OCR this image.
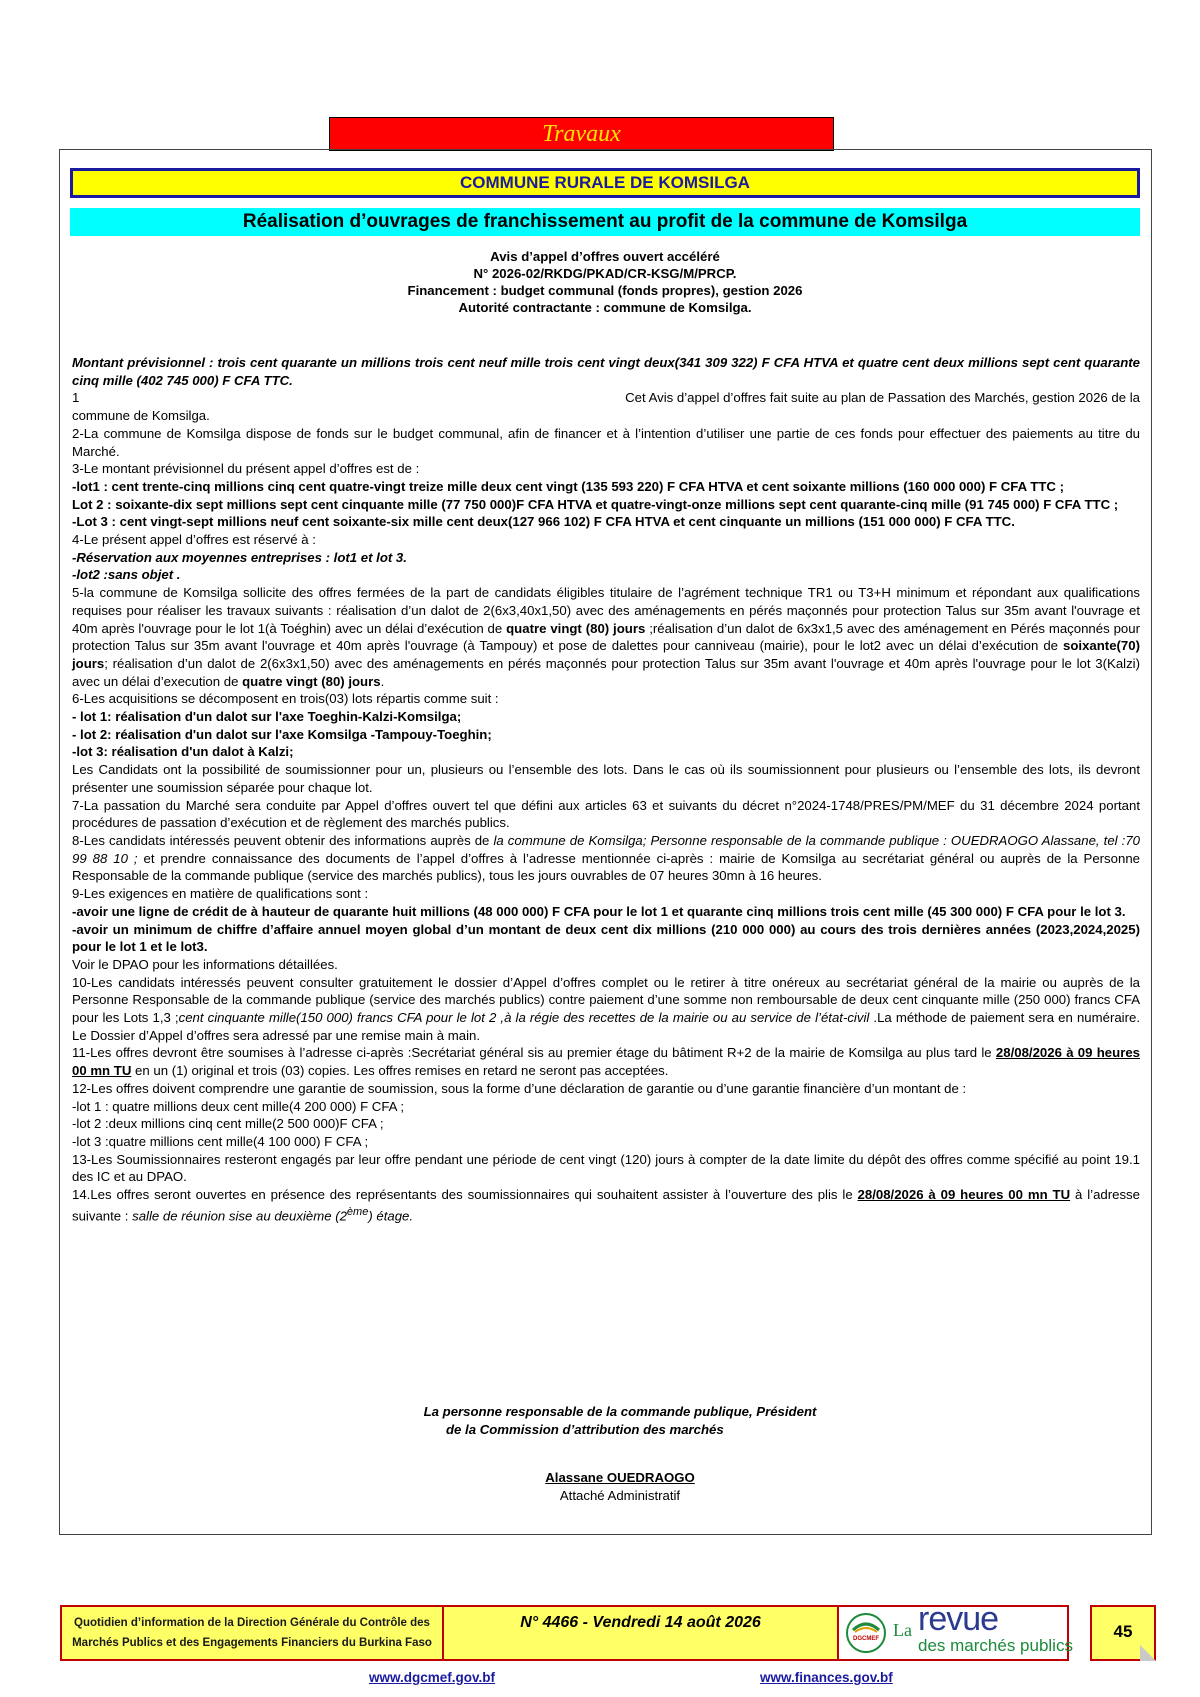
Travaux
COMMUNE RURALE DE KOMSILGA
Réalisation d’ouvrages de franchissement au profit de la commune de Komsilga
Avis d’appel d’offres ouvert accéléré
N° 2026-02/RKDG/PKAD/CR-KSG/M/PRCP.
Financement : budget communal (fonds propres), gestion 2026
Autorité contractante : commune de Komsilga.

Montant prévisionnel : trois cent quarante un millions trois cent neuf mille trois cent vingt deux(341 309 322) F CFA HTVA et quatre cent deux millions sept cent quarante cinq mille (402 745 000) F CFA TTC.

1	Cet Avis d’appel d’offres fait suite au plan de Passation des Marchés, gestion 2026 de la

commune de Komsilga.

2-La commune de Komsilga dispose de fonds sur le budget communal, afin de financer et à l’intention d’utiliser une partie de ces fonds pour effectuer des paiements au titre du Marché.

3-Le montant prévisionnel du présent appel d’offres est de :

-lot1 : cent trente-cinq millions cinq cent quatre-vingt treize mille deux cent vingt (135 593 220) F CFA HTVA et cent soixante millions (160 000 000) F CFA TTC ;

Lot 2 : soixante-dix sept millions sept cent cinquante mille (77 750 000)F CFA HTVA et quatre-vingt-onze millions sept cent quarante-cinq mille (91 745 000) F CFA TTC ;

-Lot 3 : cent vingt-sept millions neuf cent soixante-six mille cent deux(127 966 102) F CFA HTVA et cent cinquante un millions (151 000 000) F CFA TTC.

4-Le présent appel d’offres est réservé à :

-Réservation aux moyennes entreprises : lot1 et lot 3.

-lot2 :sans objet .

5-la commune de Komsilga sollicite des offres fermées de la part de candidats éligibles titulaire de l’agrément technique TR1 ou T3+H minimum et répondant aux qualifications requises pour réaliser les travaux suivants : réalisation d’un dalot de 2(6x3,40x1,50) avec des aménagements en pérés maçonnés pour protection Talus sur 35m avant l'ouvrage et 40m après l'ouvrage pour le lot 1(à Toéghin) avec un délai d’exécution de quatre vingt (80) jours ;réalisation d’un dalot de 6x3x1,5 avec des aménagement en Pérés maçonnés pour protection Talus sur 35m avant l'ouvrage et 40m après l'ouvrage (à Tampouy) et pose de dalettes pour canniveau (mairie), pour le lot2 avec un délai d’exécution de soixante(70) jours; réalisation d’un dalot de 2(6x3x1,50) avec des aménagements en pérés maçonnés pour protection Talus sur 35m avant l'ouvrage et 40m après l'ouvrage pour le lot 3(Kalzi) avec un délai d’execution de quatre vingt (80) jours.

6-Les acquisitions se décomposent en trois(03) lots répartis comme suit :

- lot 1: réalisation d'un dalot sur l'axe Toeghin-Kalzi-Komsilga;

- lot 2: réalisation d'un dalot sur l'axe Komsilga -Tampouy-Toeghin;

-lot 3: réalisation d'un dalot à Kalzi;

Les Candidats ont la possibilité de soumissionner pour un, plusieurs ou l’ensemble des lots. Dans le cas où ils soumissionnent pour plusieurs ou l’ensemble des lots, ils devront présenter une soumission séparée pour chaque lot.

7-La passation du Marché sera conduite par Appel d’offres ouvert tel que défini aux articles 63 et suivants du décret n°2024-1748/PRES/PM/MEF du 31 décembre 2024 portant procédures de passation d’exécution et de règlement des marchés publics.

8-Les candidats intéressés peuvent obtenir des informations auprès de la commune de Komsilga; Personne responsable de la commande publique : OUEDRAOGO Alassane, tel :70 99 88 10 ; et prendre connaissance des documents de l’appel d’offres à l’adresse mentionnée ci-après : mairie de Komsilga au secrétariat général ou auprès de la Personne Responsable de la commande publique (service des marchés publics), tous les jours ouvrables de 07 heures 30mn à 16 heures.

9-Les exigences en matière de qualifications sont :

-avoir une ligne de crédit de à hauteur de quarante huit millions (48 000 000) F CFA pour le lot 1 et quarante cinq millions trois cent mille (45 300 000) F CFA pour le lot 3.

-avoir un minimum de chiffre d’affaire annuel moyen global d’un montant de deux cent dix millions (210 000 000) au cours des trois dernières années (2023,2024,2025) pour le lot 1 et le lot3.

Voir le DPAO pour les informations détaillées.

10-Les candidats intéressés peuvent consulter gratuitement le dossier d’Appel d’offres complet ou le retirer à titre onéreux au secrétariat général de la mairie ou auprès de la Personne Responsable de la commande publique (service des marchés publics) contre paiement d’une somme non remboursable de deux cent cinquante mille (250 000) francs CFA pour les Lots 1,3 ;cent cinquante mille(150 000) francs CFA pour le lot 2 ,à la régie des recettes de la mairie ou au service de l’état-civil .La méthode de paiement sera en numéraire. Le Dossier d’Appel d’offres sera adressé par une remise main à main.

11-Les offres devront être soumises à l’adresse ci-après :Secrétariat général sis au premier étage du bâtiment R+2 de la mairie de Komsilga au plus tard le 28/08/2026 à 09 heures 00 mn TU en un (1) original et trois (03) copies. Les offres remises en retard ne seront pas acceptées.

12-Les offres doivent comprendre une garantie de soumission, sous la forme d’une déclaration de garantie ou d’une garantie financière d’un montant de :

-lot 1 : quatre millions deux cent mille(4 200 000) F CFA ;

-lot 2 :deux millions cinq cent mille(2 500 000)F CFA ;

-lot 3 :quatre millions cent mille(4 100 000) F CFA ;

13-Les Soumissionnaires resteront engagés par leur offre pendant une période de cent vingt (120) jours à compter de la date limite du dépôt des offres comme spécifié au point 19.1 des IC et au DPAO.

14.Les offres seront ouvertes en présence des représentants des soumissionnaires qui souhaitent assister à l’ouverture des plis le 28/08/2026 à 09 heures 00 mn TU à l’adresse suivante : salle de réunion sise au deuxième (2ème) étage.

La personne responsable de la commande publique, Président
de la Commission d’attribution des marchés
Alassane OUEDRAOGO
Attaché Administratif
Quotidien d’information de la Direction Générale du Contrôle des
Marchés Publics et des Engagements Financiers du Burkina Faso
N° 4466 - Vendredi 14 août 2026
DGCMEF La revue
des marchés publics
45
www.dgcmef.gov.bf	www.finances.gov.bf
